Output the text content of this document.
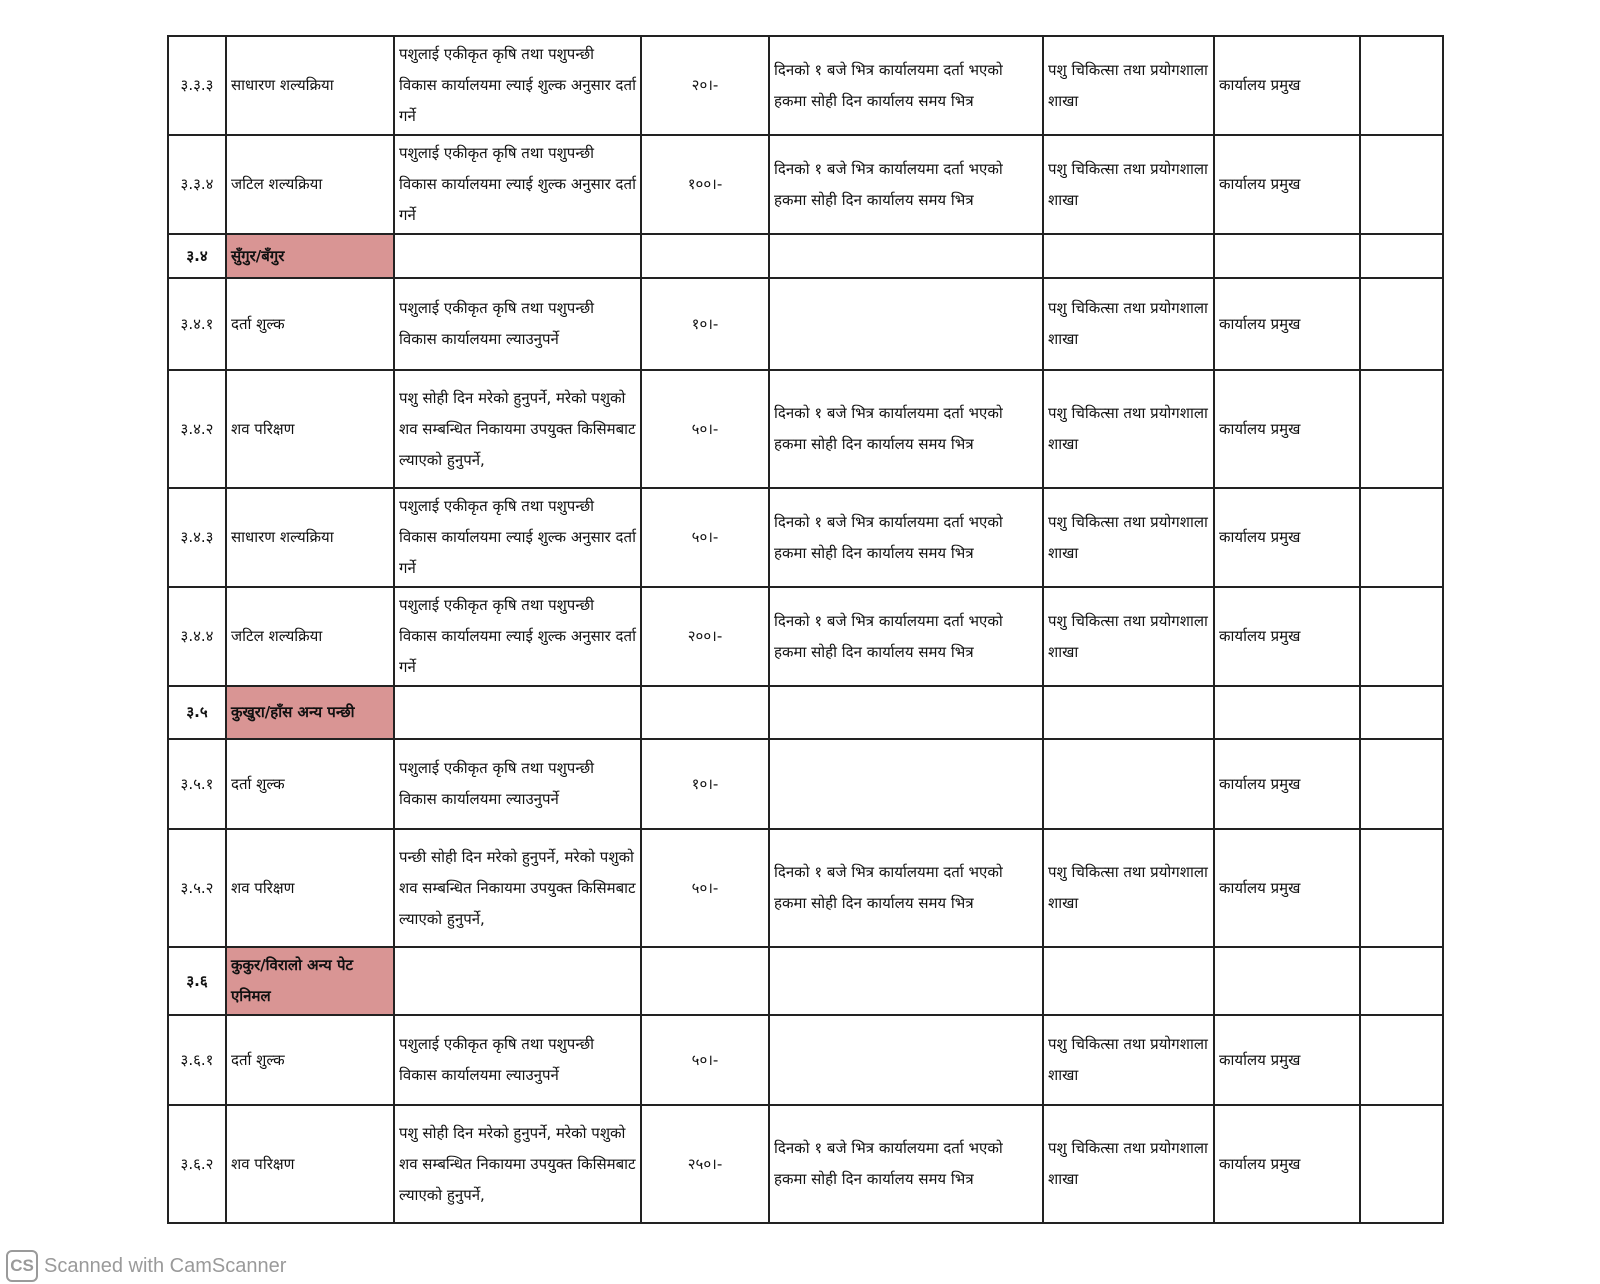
३.३.३	साधारण शल्यक्रिया	पशुलाई एकीकृत कृषि तथा पशुपन्छी विकास कार्यालयमा ल्याई शुल्क अनुसार दर्ता गर्ने	२०।-	दिनको १ बजे भित्र कार्यालयमा दर्ता भएको हकमा सोही दिन कार्यालय समय भित्र	पशु चिकित्सा तथा प्रयोगशाला शाखा	कार्यालय प्रमुख	
३.३.४	जटिल शल्यक्रिया	पशुलाई एकीकृत कृषि तथा पशुपन्छी विकास कार्यालयमा ल्याई शुल्क अनुसार दर्ता गर्ने	१००।-	दिनको १ बजे भित्र कार्यालयमा दर्ता भएको हकमा सोही दिन कार्यालय समय भित्र	पशु चिकित्सा तथा प्रयोगशाला शाखा	कार्यालय प्रमुख	
३.४	सुँगुर/बँगुर						
३.४.१	दर्ता शुल्क	पशुलाई एकीकृत कृषि तथा पशुपन्छी विकास कार्यालयमा ल्याउनुपर्ने	१०।-		पशु चिकित्सा तथा प्रयोगशाला शाखा	कार्यालय प्रमुख	
३.४.२	शव परिक्षण	पशु सोही दिन मरेको हुनुपर्ने, मरेको पशुको शव सम्बन्धित निकायमा उपयुक्त किसिमबाट ल्याएको हुनुपर्ने,	५०।-	दिनको १ बजे भित्र कार्यालयमा दर्ता भएको हकमा सोही दिन कार्यालय समय भित्र	पशु चिकित्सा तथा प्रयोगशाला शाखा	कार्यालय प्रमुख	
३.४.३	साधारण शल्यक्रिया	पशुलाई एकीकृत कृषि तथा पशुपन्छी विकास कार्यालयमा ल्याई शुल्क अनुसार दर्ता गर्ने	५०।-	दिनको १ बजे भित्र कार्यालयमा दर्ता भएको हकमा सोही दिन कार्यालय समय भित्र	पशु चिकित्सा तथा प्रयोगशाला शाखा	कार्यालय प्रमुख	
३.४.४	जटिल शल्यक्रिया	पशुलाई एकीकृत कृषि तथा पशुपन्छी विकास कार्यालयमा ल्याई शुल्क अनुसार दर्ता गर्ने	२००।-	दिनको १ बजे भित्र कार्यालयमा दर्ता भएको हकमा सोही दिन कार्यालय समय भित्र	पशु चिकित्सा तथा प्रयोगशाला शाखा	कार्यालय प्रमुख	
३.५	कुखुरा/हाँस अन्य पन्छी						
३.५.१	दर्ता शुल्क	पशुलाई एकीकृत कृषि तथा पशुपन्छी विकास कार्यालयमा ल्याउनुपर्ने	१०।-			कार्यालय प्रमुख	
३.५.२	शव परिक्षण	पन्छी सोही दिन मरेको हुनुपर्ने, मरेको पशुको शव सम्बन्धित निकायमा उपयुक्त किसिमबाट ल्याएको हुनुपर्ने,	५०।-	दिनको १ बजे भित्र कार्यालयमा दर्ता भएको हकमा सोही दिन कार्यालय समय भित्र	पशु चिकित्सा तथा प्रयोगशाला शाखा	कार्यालय प्रमुख	
३.६	कुकुर/विरालो अन्य पेट एनिमल						
३.६.१	दर्ता शुल्क	पशुलाई एकीकृत कृषि तथा पशुपन्छी विकास कार्यालयमा ल्याउनुपर्ने	५०।-		पशु चिकित्सा तथा प्रयोगशाला शाखा	कार्यालय प्रमुख	
३.६.२	शव परिक्षण	पशु सोही दिन मरेको हुनुपर्ने, मरेको पशुको शव सम्बन्धित निकायमा उपयुक्त किसिमबाट ल्याएको हुनुपर्ने,	२५०।-	दिनको १ बजे भित्र कार्यालयमा दर्ता भएको हकमा सोही दिन कार्यालय समय भित्र	पशु चिकित्सा तथा प्रयोगशाला शाखा	कार्यालय प्रमुख	
CS Scanned with CamScanner
